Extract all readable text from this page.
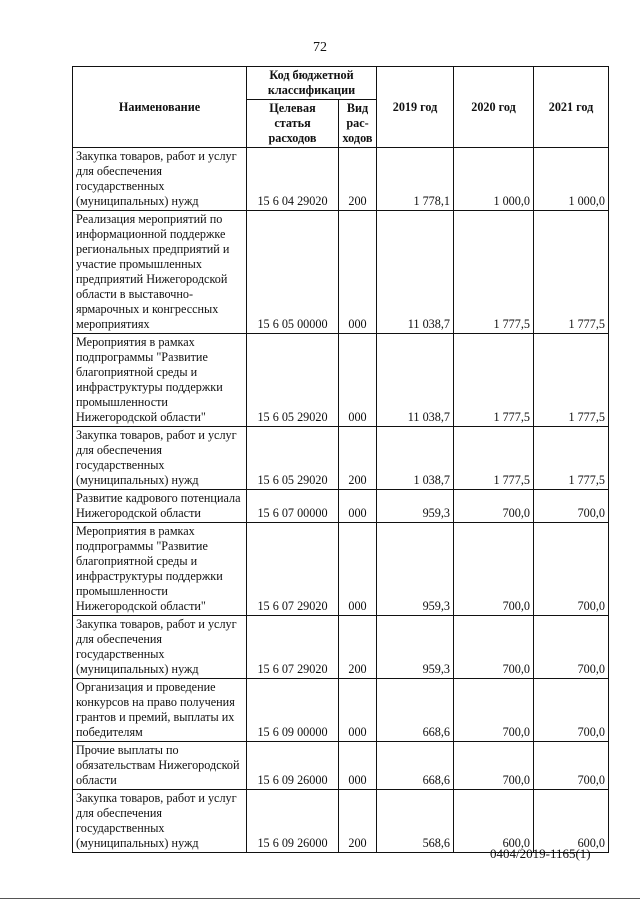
72
Наименование	Код бюджетной классификации		2019 год	2020 год	2021 год
	Целевая статья расходов	Вид рас-ходов			
Закупка товаров, работ и услуг для обеспечения государственных (муниципальных) нужд	15 6 04 29020	200	1 778,1	1 000,0	1 000,0
Реализация мероприятий по информационной поддержке региональных предприятий и участие промышленных предприятий Нижегородской области в выставочно-ярмарочных и конгрессных мероприятиях	15 6 05 00000	000	11 038,7	1 777,5	1 777,5
Мероприятия в рамках подпрограммы "Развитие благоприятной среды и инфраструктуры поддержки промышленности Нижегородской области"	15 6 05 29020	000	11 038,7	1 777,5	1 777,5
Закупка товаров, работ и услуг для обеспечения государственных (муниципальных) нужд	15 6 05 29020	200	1 038,7	1 777,5	1 777,5
Развитие кадрового потенциала Нижегородской области	15 6 07 00000	000	959,3	700,0	700,0
Мероприятия в рамках подпрограммы "Развитие благоприятной среды и инфраструктуры поддержки промышленности Нижегородской области"	15 6 07 29020	000	959,3	700,0	700,0
Закупка товаров, работ и услуг для обеспечения государственных (муниципальных) нужд	15 6 07 29020	200	959,3	700,0	700,0
Организация и проведение конкурсов на право получения грантов и премий, выплаты их победителям	15 6 09 00000	000	668,6	700,0	700,0
Прочие выплаты по обязательствам Нижегородской области	15 6 09 26000	000	668,6	700,0	700,0
Закупка товаров, работ и услуг для обеспечения государственных (муниципальных) нужд	15 6 09 26000	200	568,6	600,0	600,0
0404/2019-1165(1)
